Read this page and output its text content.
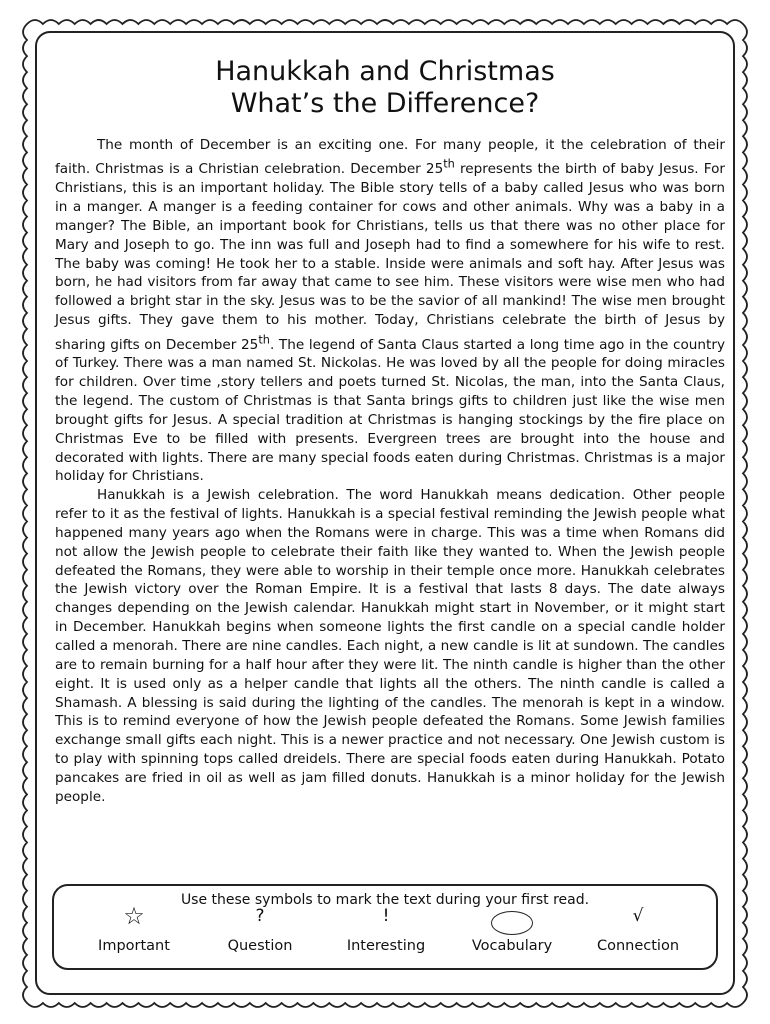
Hanukkah and Christmas
What’s the Difference?

The month of December is an exciting one. For many people, it the celebration of their faith. Christmas is a Christian celebration. December 25th represents the birth of baby Jesus. For Christians, this is an important holiday. The Bible story tells of a baby called Jesus who was born in a manger. A manger is a feeding container for cows and other animals. Why was a baby in a manger? The Bible, an important book for Christians, tells us that there was no other place for Mary and Joseph to go. The inn was full and Joseph had to find a somewhere for his wife to rest. The baby was coming! He took her to a stable. Inside were animals and soft hay. After Jesus was born, he had visitors from far away that came to see him. These visitors were wise men who had followed a bright star in the sky. Jesus was to be the savior of all mankind! The wise men brought Jesus gifts. They gave them to his mother. Today, Christians celebrate the birth of Jesus by sharing gifts on December 25th. The legend of Santa Claus started a long time ago in the country of Turkey. There was a man named St. Nickolas. He was loved by all the people for doing miracles for children. Over time ,story tellers and poets turned St. Nicolas, the man, into the Santa Claus, the legend. The custom of Christmas is that Santa brings gifts to children just like the wise men brought gifts for Jesus. A special tradition at Christmas is hanging stockings by the fire place on Christmas Eve to be filled with presents. Evergreen trees are brought into the house and decorated with lights. There are many special foods eaten during Christmas. Christmas is a major holiday for Christians.

Hanukkah is a Jewish celebration. The word Hanukkah means dedication. Other people refer to it as the festival of lights. Hanukkah is a special festival reminding the Jewish people what happened many years ago when the Romans were in charge. This was a time when Romans did not allow the Jewish people to celebrate their faith like they wanted to. When the Jewish people defeated the Romans, they were able to worship in their temple once more. Hanukkah celebrates the Jewish victory over the Roman Empire. It is a festival that lasts 8 days. The date always changes depending on the Jewish calendar. Hanukkah might start in November, or it might start in December. Hanukkah begins when someone lights the first candle on a special candle holder called a menorah. There are nine candles. Each night, a new candle is lit at sundown. The candles are to remain burning for a half hour after they were lit. The ninth candle is higher than the other eight. It is used only as a helper candle that lights all the others. The ninth candle is called a Shamash. A blessing is said during the lighting of the candles. The menorah is kept in a window. This is to remind everyone of how the Jewish people defeated the Romans. Some Jewish families exchange small gifts each night. This is a newer practice and not necessary. One Jewish custom is to play with spinning tops called dreidels. There are special foods eaten during Hanukkah. Potato pancakes are fried in oil as well as jam filled donuts. Hanukkah is a minor holiday for the Jewish people.

Use these symbols to mark the text during your first read.
☆
Important
?
Question
!
Interesting	Vocabulary
√
Connection
